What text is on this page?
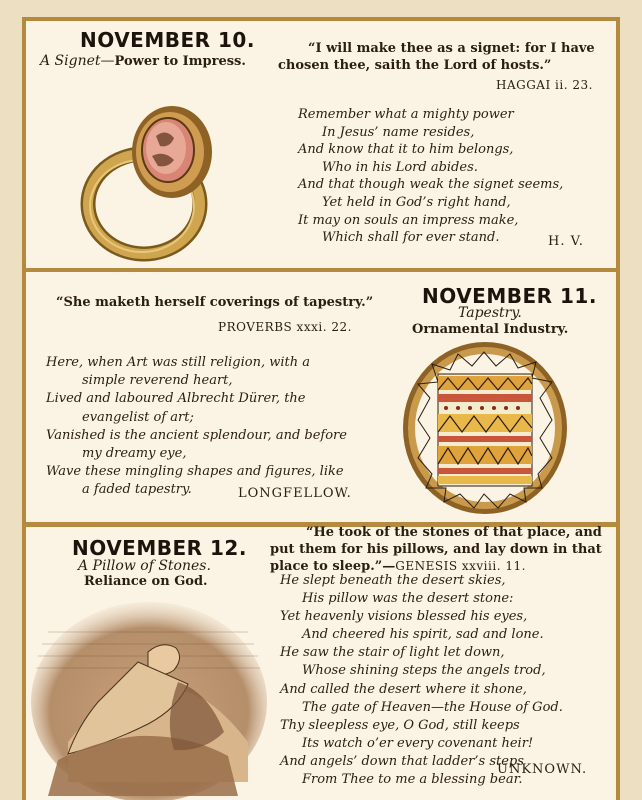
NOVEMBER 10.
A Signet—Power to Impress.
“I will make thee as a signet: for I have
chosen thee, saith the Lord of hosts.”
HAGGAI ii. 23.
Remember what a mighty power
In Jesus’ name resides,
And know that it to him belongs,
Who in his Lord abides.
And that though weak the signet seems,
Yet held in God’s right hand,
It may on souls an impress make,
Which shall for ever stand.	H. V.
“She maketh herself coverings of tapestry.”
PROVERBS xxxi. 22.
Here, when Art was still religion, with a
simple reverend heart,
Lived and laboured Albrecht Dürer, the
evangelist of art;
Vanished is the ancient splendour, and before
my dreamy eye,
Wave these mingling shapes and figures, like
a faded tapestry.	LONGFELLOW.
NOVEMBER 11.
Tapestry.
Ornamental Industry.
NOVEMBER 12.
A Pillow of Stones.
Reliance on God.
“He took of the stones of that place, and
put them for his pillows, and lay down in that
place to sleep.”—GENESIS xxviii. 11.
He slept beneath the desert skies,
His pillow was the desert stone:
Yet heavenly visions blessed his eyes,
And cheered his spirit, sad and lone.
He saw the stair of light let down,
Whose shining steps the angels trod,
And called the desert where it shone,
The gate of Heaven—the House of God.
Thy sleepless eye, O God, still keeps
Its watch o’er every covenant heir!
And angels’ down that ladder’s steps
From Thee to me a blessing bear.
UNKNOWN.
